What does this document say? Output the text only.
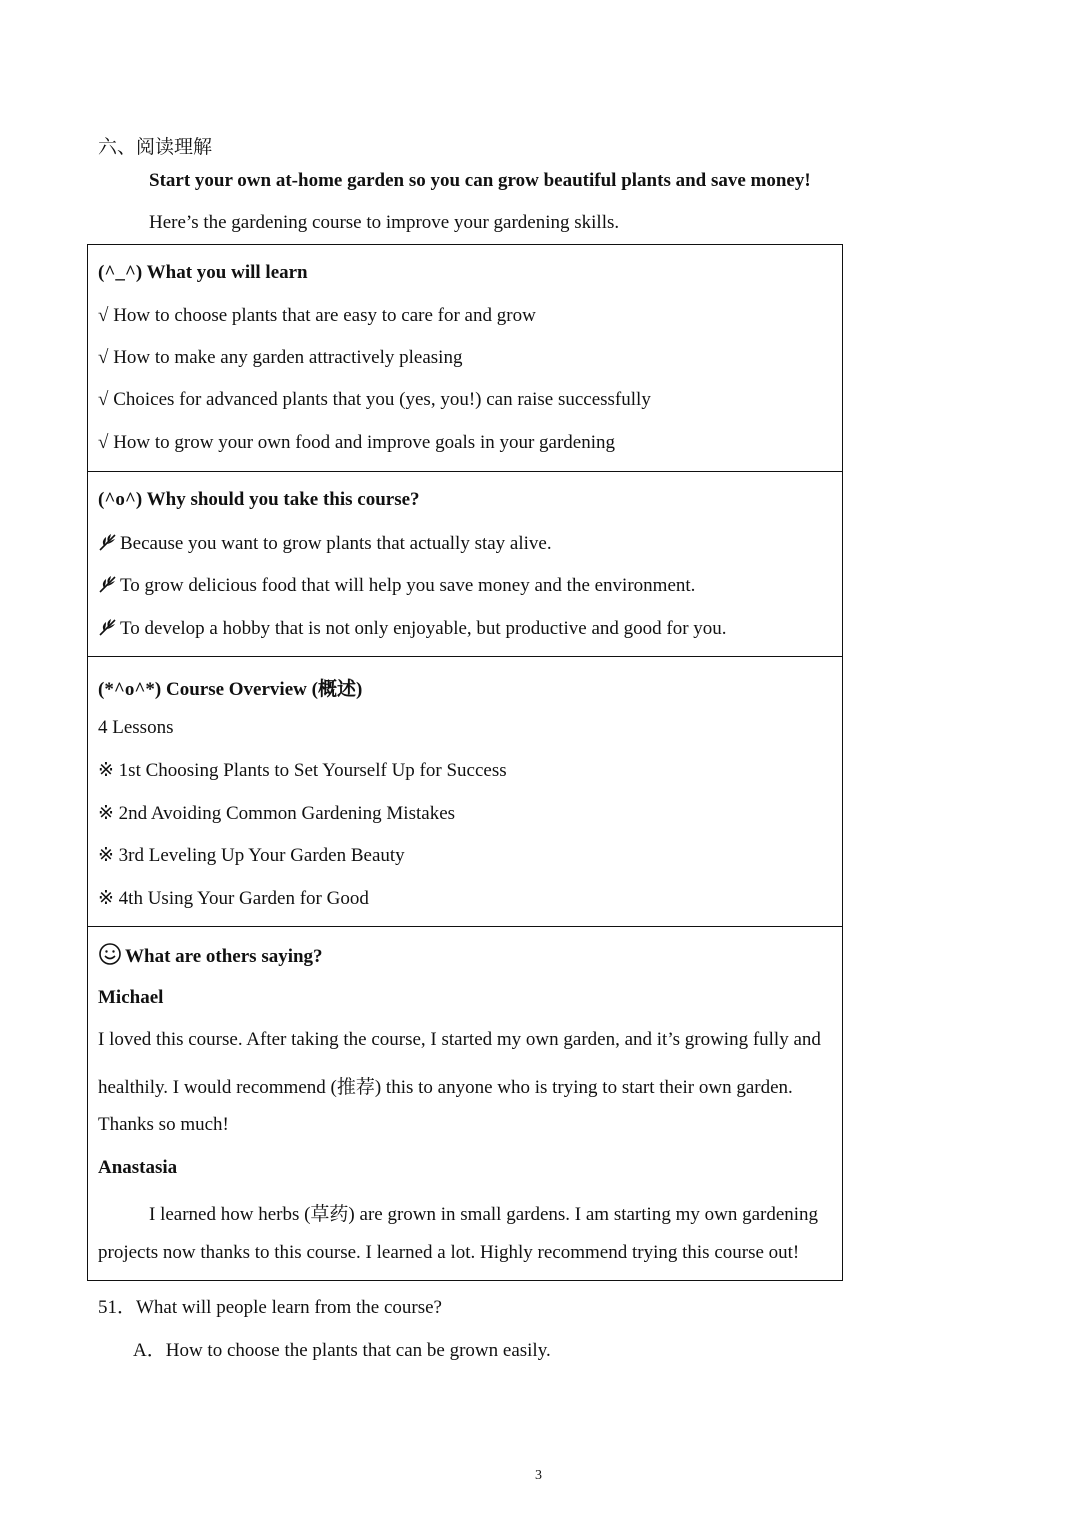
六、阅读理解
Start your own at-home garden so you can grow beautiful plants and save money!
Here’s the gardening course to improve your gardening skills.
(^_^) What you will learn
√ How to choose plants that are easy to care for and grow
√ How to make any garden attractively pleasing
√ Choices for advanced plants that you (yes, you!) can raise successfully
√ How to grow your own food and improve goals in your gardening
(^o^) Why should you take this course?
Because you want to grow plants that actually stay alive.
To grow delicious food that will help you save money and the environment.
To develop a hobby that is not only enjoyable, but productive and good for you.
(*^o^*) Course Overview (概述)
4 Lessons
※ 1st Choosing Plants to Set Yourself Up for Success
※ 2nd Avoiding Common Gardening Mistakes
※ 3rd Leveling Up Your Garden Beauty
※ 4th Using Your Garden for Good
What are others saying?
Michael
I loved this course. After taking the course, I started my own garden, and it’s growing fully and
healthily. I would recommend (推荐) this to anyone who is trying to start their own garden.
Thanks so much!
Anastasia
I learned how herbs (草药) are grown in small gardens. I am starting my own gardening
projects now thanks to this course. I learned a lot. Highly recommend trying this course out!
51．What will people learn from the course?
A．How to choose the plants that can be grown easily.
3
